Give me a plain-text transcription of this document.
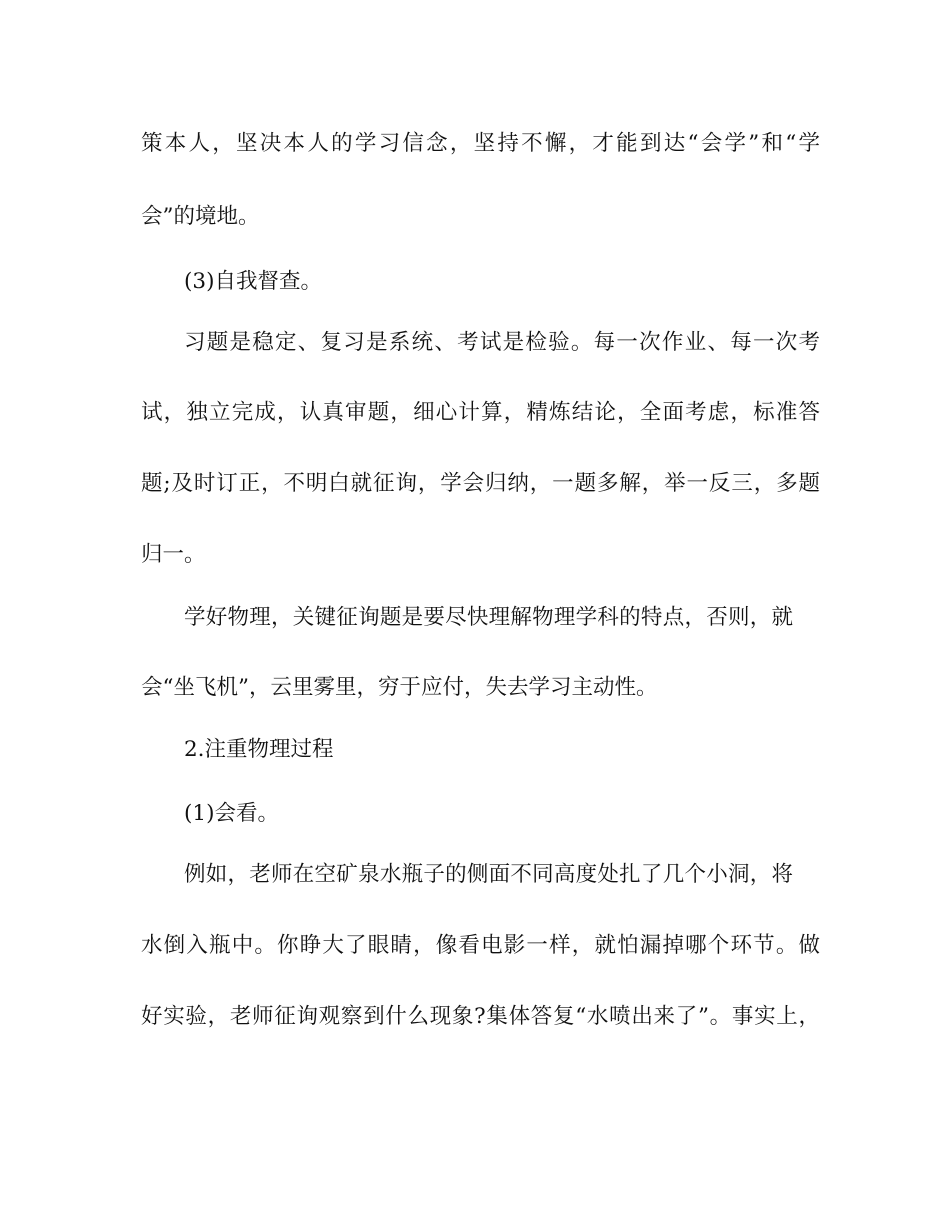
策本人，坚决本人的学习信念，坚持不懈，才能到达“会学”和“学
会”的境地。
(3)自我督查。
习题是稳定、复习是系统、考试是检验。每一次作业、每一次考
试，独立完成，认真审题，细心计算，精炼结论，全面考虑，标准答
题;及时订正，不明白就征询，学会归纳，一题多解，举一反三，多题
归一。
学好物理，关键征询题是要尽快理解物理学科的特点，否则，就
会“坐飞机”，云里雾里，穷于应付，失去学习主动性。
2.注重物理过程
(1)会看。
例如，老师在空矿泉水瓶子的侧面不同高度处扎了几个小洞，将
水倒入瓶中。你睁大了眼睛，像看电影一样，就怕漏掉哪个环节。做
好实验，老师征询观察到什么现象?集体答复“水喷出来了”。事实上，
